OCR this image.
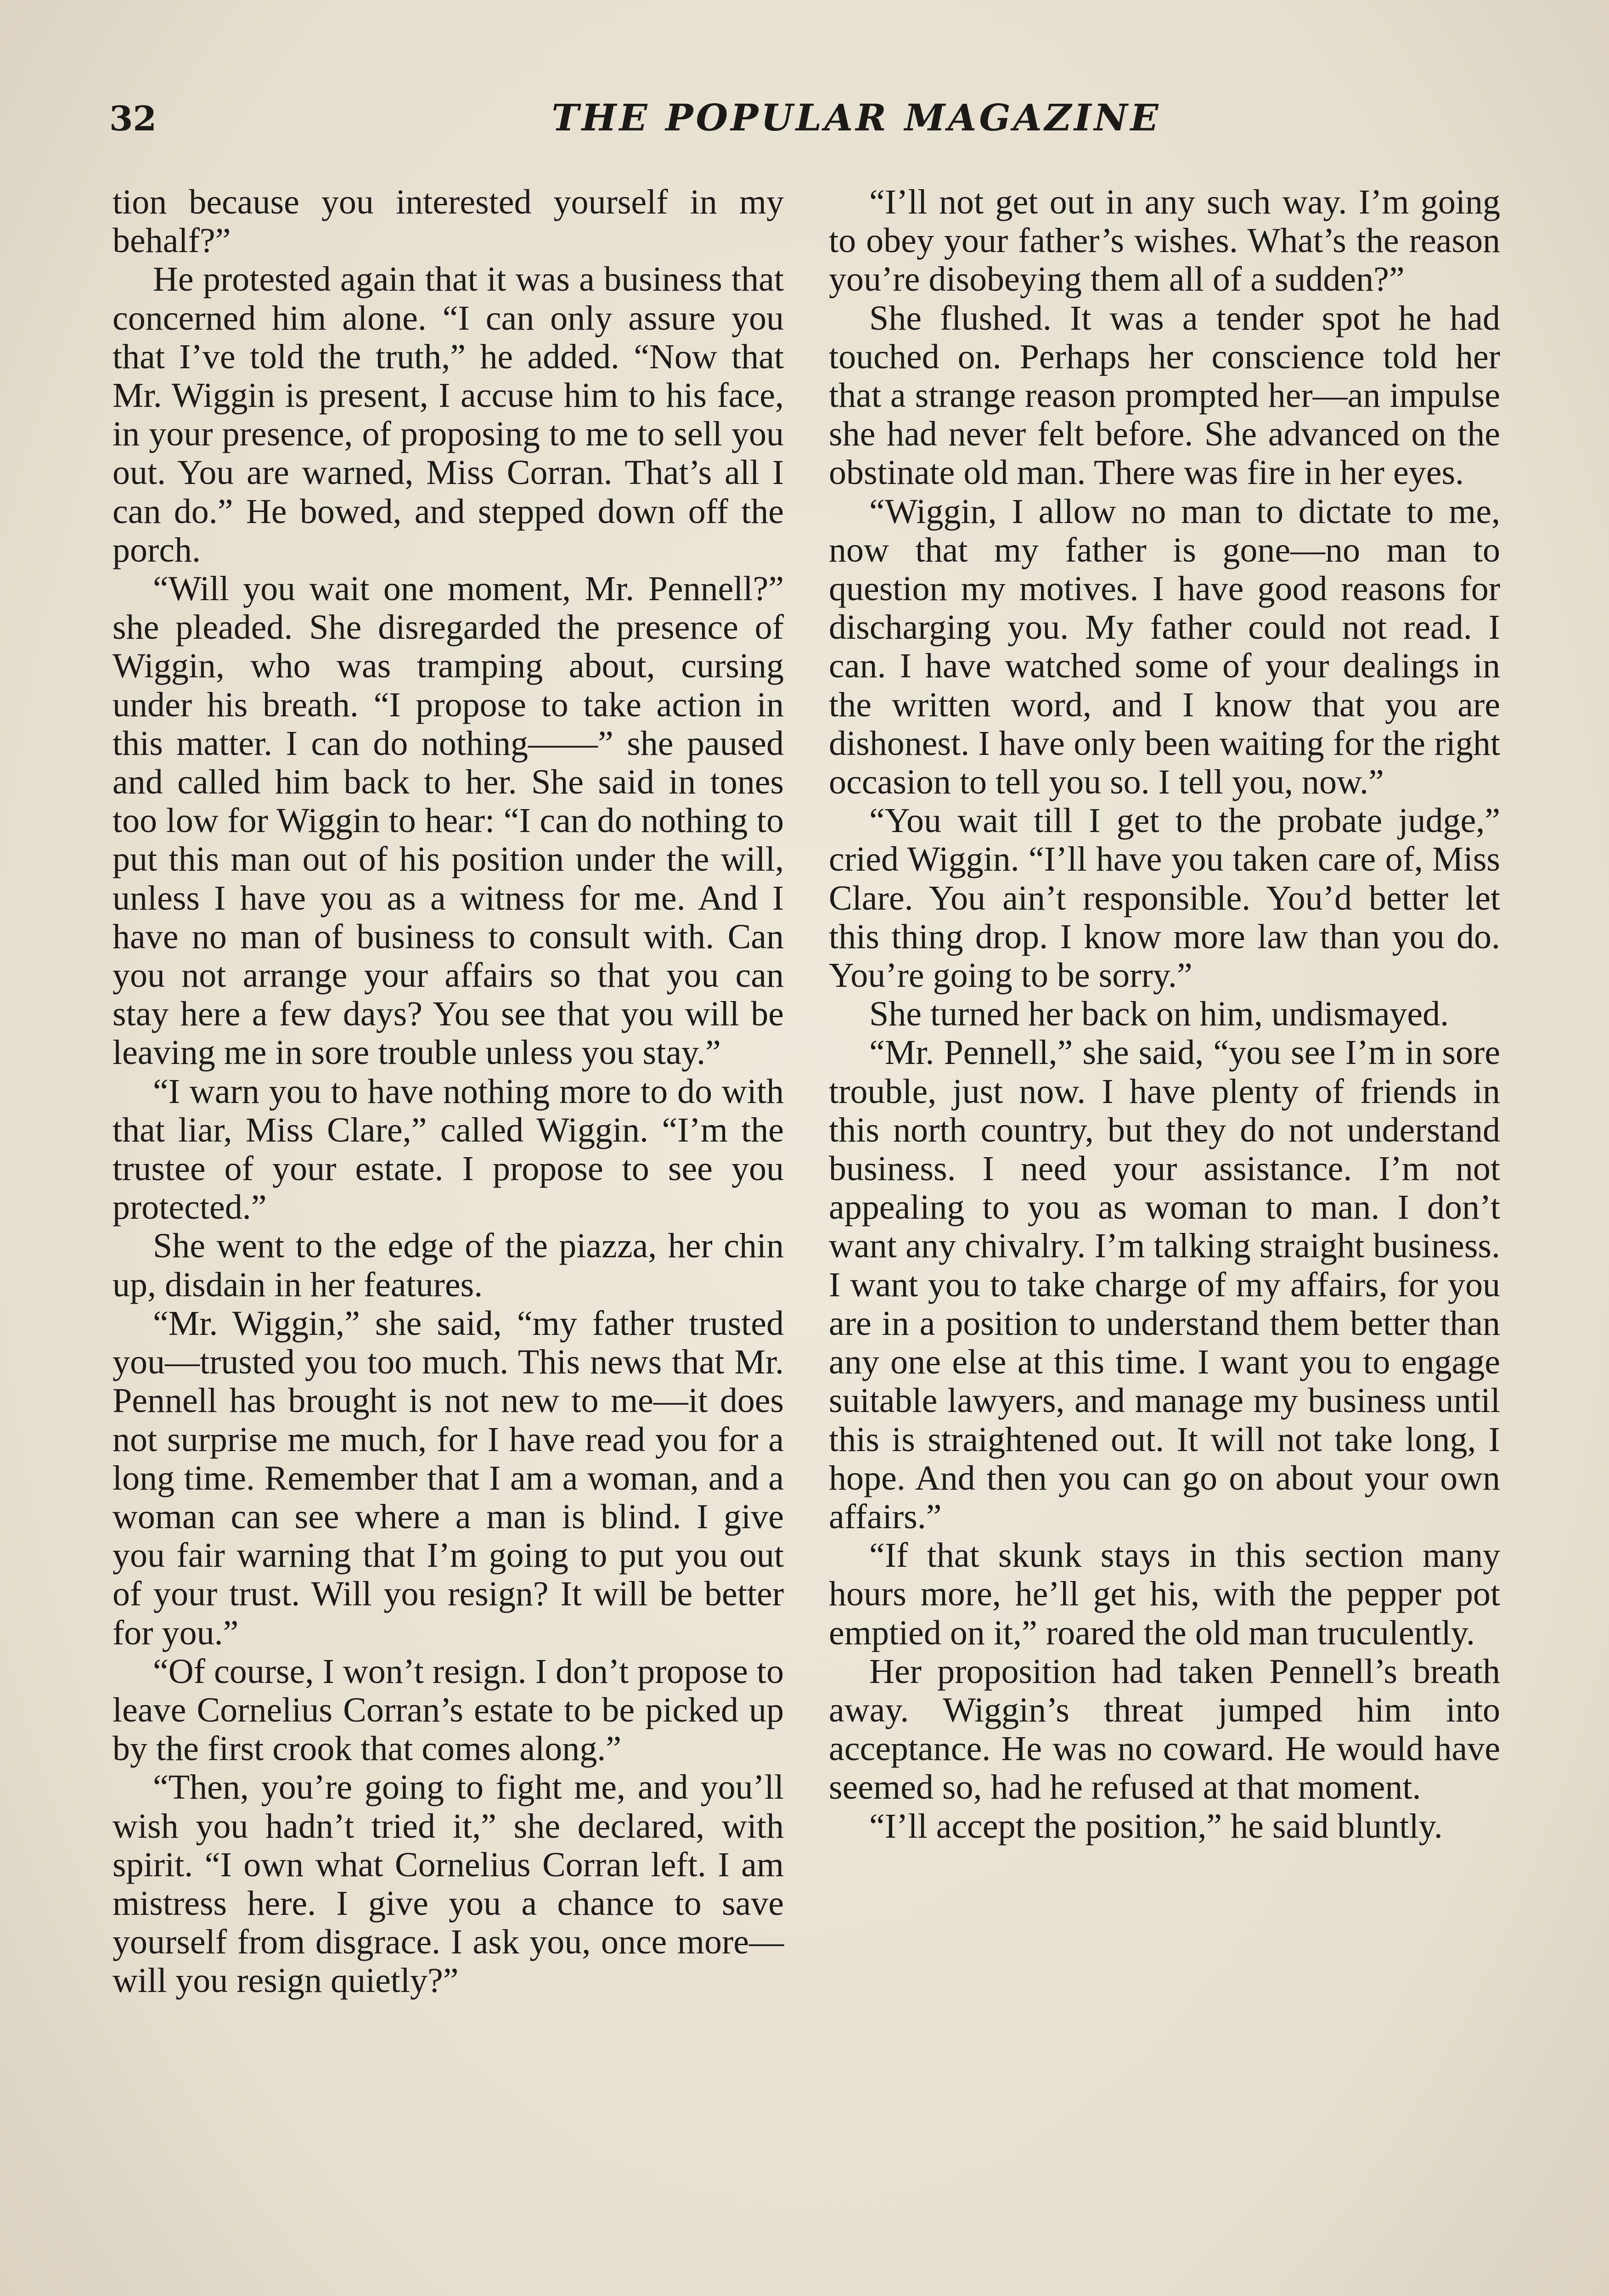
32	THE POPULAR MAGAZINE

tion because you interested yourself in my behalf?”

He protested again that it was a business that concerned him alone. “I can only assure you that I’ve told the truth,” he added. “Now that Mr. Wiggin is present, I accuse him to his face, in your presence, of proposing to me to sell you out. You are warned, Miss Corran. That’s all I can do.” He bowed, and stepped down off the porch.

“Will you wait one moment, Mr. Pennell?” she pleaded. She disregarded the presence of Wiggin, who was tramping about, cursing under his breath. “I propose to take action in this matter. I can do nothing——” she paused and called him back to her. She said in tones too low for Wiggin to hear: “I can do nothing to put this man out of his position under the will, unless I have you as a witness for me. And I have no man of business to consult with. Can you not arrange your affairs so that you can stay here a few days? You see that you will be leaving me in sore trouble unless you stay.”

“I warn you to have nothing more to do with that liar, Miss Clare,” called Wiggin. “I’m the trustee of your estate. I propose to see you protected.”

She went to the edge of the piazza, her chin up, disdain in her features.

“Mr. Wiggin,” she said, “my father trusted you—trusted you too much. This news that Mr. Pennell has brought is not new to me—it does not surprise me much, for I have read you for a long time. Remember that I am a woman, and a woman can see where a man is blind. I give you fair warning that I’m going to put you out of your trust. Will you resign? It will be better for you.”

“Of course, I won’t resign. I don’t propose to leave Cornelius Corran’s estate to be picked up by the first crook that comes along.”

“Then, you’re going to fight me, and you’ll wish you hadn’t tried it,” she declared, with spirit. “I own what Cornelius Corran left. I am mistress here. I give you a chance to save yourself from disgrace. I ask you, once more—will you resign quietly?”

“I’ll not get out in any such way. I’m going to obey your father’s wishes. What’s the reason you’re disobeying them all of a sudden?”

She flushed. It was a tender spot he had touched on. Perhaps her conscience told her that a strange reason prompted her—an impulse she had never felt before. She advanced on the obstinate old man. There was fire in her eyes.

“Wiggin, I allow no man to dictate to me, now that my father is gone—no man to question my motives. I have good reasons for discharging you. My father could not read. I can. I have watched some of your dealings in the written word, and I know that you are dishonest. I have only been waiting for the right occasion to tell you so. I tell you, now.”

“You wait till I get to the probate judge,” cried Wiggin. “I’ll have you taken care of, Miss Clare. You ain’t responsible. You’d better let this thing drop. I know more law than you do. You’re going to be sorry.”

She turned her back on him, undismayed.

“Mr. Pennell,” she said, “you see I’m in sore trouble, just now. I have plenty of friends in this north country, but they do not understand business. I need your assistance. I’m not appealing to you as woman to man. I don’t want any chivalry. I’m talking straight business. I want you to take charge of my affairs, for you are in a position to understand them better than any one else at this time. I want you to engage suitable lawyers, and manage my business until this is straightened out. It will not take long, I hope. And then you can go on about your own affairs.”

“If that skunk stays in this section many hours more, he’ll get his, with the pepper pot emptied on it,” roared the old man truculently.

Her proposition had taken Pennell’s breath away. Wiggin’s threat jumped him into acceptance. He was no coward. He would have seemed so, had he refused at that moment.

“I’ll accept the position,” he said bluntly.
